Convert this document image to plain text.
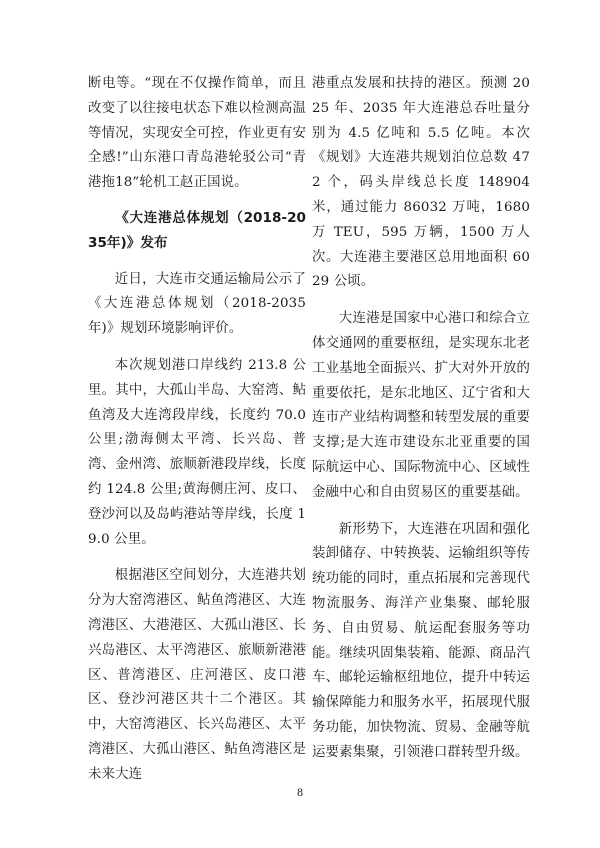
断电等。“现在不仅操作简单，而且改变了以往接电状态下难以检测高温等情况，实现安全可控，作业更有安全感!”山东港口青岛港轮驳公司“青港拖18”轮机工赵正国说。

《大连港总体规划（2018-2035年)》发布

近日，大连市交通运输局公示了《大连港总体规划（2018-2035 年)》规划环境影响评价。

本次规划港口岸线约 213.8 公里。其中，大孤山半岛、大窑湾、鲇鱼湾及大连湾段岸线，长度约 70.0 公里;渤海侧太平湾、长兴岛、普湾、金州湾、旅顺新港段岸线，长度约 124.8 公里;黄海侧庄河、皮口、登沙河以及岛屿港站等岸线，长度 19.0 公里。

根据港区空间划分，大连港共划分为大窑湾港区、鲇鱼湾港区、大连湾港区、大港港区、大孤山港区、长兴岛港区、太平湾港区、旅顺新港港区、普湾港区、庄河港区、皮口港区、登沙河港区共十二个港区。其中，大窑湾港区、长兴岛港区、太平湾港区、大孤山港区、鲇鱼湾港区是未来大连

港重点发展和扶持的港区。预测 2025 年、2035 年大连港总吞吐量分别为 4.5 亿吨和 5.5 亿吨。本次《规划》大连港共规划泊位总数 472 个，码头岸线总长度 148904 米，通过能力 86032 万吨，1680 万 TEU，595 万辆，1500 万人次。大连港主要港区总用地面积 6029 公顷。

大连港是国家中心港口和综合立体交通网的重要枢纽，是实现东北老工业基地全面振兴、扩大对外开放的重要依托，是东北地区、辽宁省和大连市产业结构调整和转型发展的重要支撑;是大连市建设东北亚重要的国际航运中心、国际物流中心、区域性金融中心和自由贸易区的重要基础。

新形势下，大连港在巩固和强化装卸储存、中转换装、运输组织等传统功能的同时，重点拓展和完善现代物流服务、海洋产业集聚、邮轮服务、自由贸易、航运配套服务等功能。继续巩固集装箱、能源、商品汽车、邮轮运输枢纽地位，提升中转运输保障能力和服务水平，拓展现代服务功能，加快物流、贸易、金融等航运要素集聚，引领港口群转型升级。

8
